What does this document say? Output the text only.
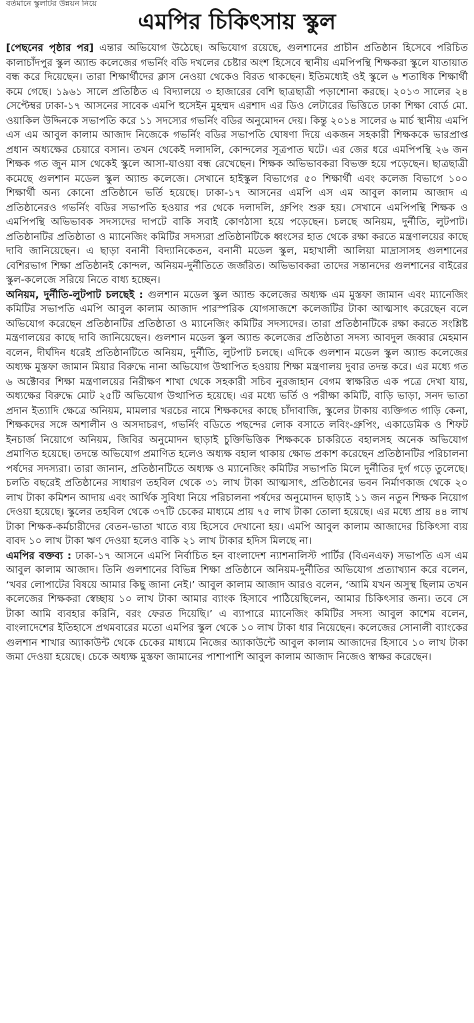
বর্তমানে স্কুলটির উন্নয়ন নিয়ে
এমপির চিকিৎসায় স্কুল

[পেছনের পৃষ্ঠার পর] এন্তার অভিযোগ উঠেছে। অভিযোগ রয়েছে, গুলশানের প্রাচীন প্রতিষ্ঠান হিসেবে পরিচিত কালাচাঁদপুর স্কুল অ্যান্ড কলেজের গভর্নিং বডি দখলের চেষ্টার অংশ হিসেবে স্থানীয় এমপিপন্থি শিক্ষকরা স্কুলে যাতায়াত বন্ধ করে দিয়েছেন। তারা শিক্ষার্থীদের ক্লাস নেওয়া থেকেও বিরত থাকছেন। ইতিমধ্যেই ওই স্কুলে ৬ শতাধিক শিক্ষার্থী কমে গেছে। ১৯৬১ সালে প্রতিষ্ঠিত এ বিদ্যালয়ে ৩ হাজারের বেশি ছাত্রছাত্রী পড়াশোনা করছে। ২০১৩ সালের ২৪ সেপ্টেম্বর ঢাকা-১৭ আসনের সাবেক এমপি হুসেইন মুহম্মদ এরশাদ এর ডিও লেটারের ভিত্তিতে ঢাকা শিক্ষা বোর্ড মো. ওয়াকিল উদ্দিনকে সভাপতি করে ১১ সদস্যের গভর্নিং বডির অনুমোদন দেয়। কিন্তু ২০১৪ সালের ৬ মার্চ স্থানীয় এমপি এস এম আবুল কালাম আজাদ নিজেকে গভর্নিং বডির সভাপতি ঘোষণা দিয়ে একজন সহকারী শিক্ষককে ভারপ্রাপ্ত প্রধান অধ্যক্ষের চেয়ারে বসান। তখন থেকেই দলাদলি, কোন্দলের সূত্রপাত ঘটে। এর জের ধরে এমপিপন্থি ২৬ জন শিক্ষক গত জুন মাস থেকেই স্কুলে আসা-যাওয়া বন্ধ রেখেছেন। শিক্ষক অভিভাবকরা বিভক্ত হয়ে পড়েছেন। ছাত্রছাত্রী কমেছে গুলশান মডেল স্কুল অ্যান্ড কলেজে। সেখানে হাইস্কুল বিভাগের ৫০ শিক্ষার্থী এবং কলেজ বিভাগে ১০০ শিক্ষার্থী অন্য কোনো প্রতিষ্ঠানে ভর্তি হয়েছে। ঢাকা-১৭ আসনের এমপি এস এম আবুল কালাম আজাদ এ প্রতিষ্ঠানেরও গভর্নিং বডির সভাপতি হওয়ার পর থেকে দলাদলি, গ্রুপিং শুরু হয়। সেখানে এমপিপন্থি শিক্ষক ও এমপিপন্থি অভিভাবক সদস্যদের দাপটে বাকি সবাই কোণঠাসা হয়ে পড়েছেন। চলছে অনিয়ম, দুর্নীতি, লুটপাট। প্রতিষ্ঠানটির প্রতিষ্ঠাতা ও ম্যানেজিং কমিটির সদস্যরা প্রতিষ্ঠানটিকে ধ্বংসের হাত থেকে রক্ষা করতে মন্ত্রণালয়ের কাছে দাবি জানিয়েছেন। এ ছাড়া বনানী বিদ্যানিকেতন, বনানী মডেল স্কুল, মহাখালী আলিয়া মাদ্রাসাসহ গুলশানের বেশিরভাগ শিক্ষা প্রতিষ্ঠানই কোন্দল, অনিয়ম-দুর্নীতিতে জর্জরিত। অভিভাবকরা তাদের সন্তানদের গুলশানের বাইরের স্কুল-কলেজে সরিয়ে নিতে বাধ্য হচ্ছেন।

অনিয়ম, দুর্নীতি-লুটপাট চলছেই : গুলশান মডেল স্কুল অ্যান্ড কলেজের অধ্যক্ষ এম মুস্তফা জামান এবং ম্যানেজিং কমিটির সভাপতি এমপি আবুল কালাম আজাদ পারস্পরিক যোগসাজশে কলেজটির টাকা আত্মসাৎ করেছেন বলে অভিযোগ করেছেন প্রতিষ্ঠানটির প্রতিষ্ঠাতা ও ম্যানেজিং কমিটির সদস্যদের। তারা প্রতিষ্ঠানটিকে রক্ষা করতে সংশ্লিষ্ট মন্ত্রণালয়ের কাছে দাবি জানিয়েছেন। গুলশান মডেল স্কুল অ্যান্ড কলেজের প্রতিষ্ঠাতা সদস্য আবদুল জব্বার মেহমান বলেন, দীর্ঘদিন ধরেই প্রতিষ্ঠানটিতে অনিয়ম, দুর্নীতি, লুটপাট চলছে। এদিকে গুলশান মডেল স্কুল অ্যান্ড কলেজের অধ্যক্ষ মুস্তফা জামান মিয়ার বিরুদ্ধে নানা অভিযোগ উত্থাপিত হওয়ায় শিক্ষা মন্ত্রণালয় দুবার তদন্ত করে। এর মধ্যে গত ৬ অক্টোবর শিক্ষা মন্ত্রণালয়ের নিরীক্ষণ শাখা থেকে সহকারী সচিব নুরজাহান বেগম স্বাক্ষরিত এক পত্রে দেখা যায়, অধ্যক্ষের বিরুদ্ধে মোট ২৫টি অভিযোগ উত্থাপিত হয়েছে। এর মধ্যে ভর্তি ও পরীক্ষা কমিটি, বাড়ি ভাড়া, সনদ ভাতা প্রদান ইত্যাদি ক্ষেত্রে অনিয়ম, মামলার খরচের নামে শিক্ষকদের কাছে চাঁদাবাজি, স্কুলের টাকায় ব্যক্তিগত গাড়ি কেনা, শিক্ষকদের সঙ্গে অশালীন ও অসদাচরণ, গভর্নিং বডিতে পছন্দের লোক বসাতে লবিং-গ্রুপিং, একাডেমিক ও শিফট ইনচার্জ নিয়োগে অনিয়ম, জিবির অনুমোদন ছাড়াই চুক্তিভিত্তিক শিক্ষককে চাকরিতে বহালসহ অনেক অভিযোগ প্রমাণিত হয়েছে। তদন্তে অভিযোগ প্রমাণিত হলেও অধ্যক্ষ বহাল থাকায় ক্ষোভ প্রকাশ করেছেন প্রতিষ্ঠানটির পরিচালনা পর্ষদের সদস্যরা। তারা জানান, প্রতিষ্ঠানটিতে অধ্যক্ষ ও ম্যানেজিং কমিটির সভাপতি মিলে দুর্নীতির দুর্গ গড়ে তুলেছে। চলতি বছরেই প্রতিষ্ঠানের সাধারণ তহবিল থেকে ৩১ লাখ টাকা আত্মসাৎ, প্রতিষ্ঠানের ভবন নির্মাণকাজ থেকে ২০ লাখ টাকা কমিশন আদায় এবং আর্থিক সুবিধা নিয়ে পরিচালনা পর্ষদের অনুমোদন ছাড়াই ১১ জন নতুন শিক্ষক নিয়োগ দেওয়া হয়েছে। স্কুলের তহবিল থেকে ৩৭টি চেকের মাধ্যমে প্রায় ৭৫ লাখ টাকা তোলা হয়েছে। এর মধ্যে প্রায় ৪৪ লাখ টাকা শিক্ষক-কর্মচারীদের বেতন-ভাতা খাতে ব্যয় হিসেবে দেখানো হয়। এমপি আবুল কালাম আজাদের চিকিৎসা ব্যয় বাবদ ১০ লাখ টাকা ঋণ দেওয়া হলেও বাকি ২১ লাখ টাকার হদিস মিলছে না।

এমপির বক্তব্য : ঢাকা-১৭ আসনে এমপি নির্বাচিত হন বাংলাদেশ ন্যাশনালিস্ট পার্টির (বিএনএফ) সভাপতি এস এম আবুল কালাম আজাদ। তিনি গুলশানের বিভিন্ন শিক্ষা প্রতিষ্ঠানে অনিয়ম-দুর্নীতির অভিযোগ প্রত্যাখ্যান করে বলেন, ‘খবর লোপাটের বিষয়ে আমার কিছু জানা নেই।’ আবুল কালাম আজাদ আরও বলেন, ‘আমি যখন অসুস্থ ছিলাম তখন কলেজের শিক্ষকরা স্বেচ্ছায় ১০ লাখ টাকা আমার ব্যাংক হিসাবে পাঠিয়েছিলেন, আমার চিকিৎসার জন্য। তবে সে টাকা আমি ব্যবহার করিনি, বরং ফেরত দিয়েছি।’ এ ব্যাপারে ম্যানেজিং কমিটির সদস্য আবুল কাশেম বলেন, বাংলাদেশের ইতিহাসে প্রথমবারের মতো এমপির স্কুল থেকে ১০ লাখ টাকা ধার নিয়েছেন। কলেজের সোনালী ব্যাংকের গুলশান শাখার অ্যাকাউন্ট থেকে চেকের মাধ্যমে নিজের অ্যাকাউন্টে আবুল কালাম আজাদের হিসাবে ১০ লাখ টাকা জমা দেওয়া হয়েছে। চেকে অধ্যক্ষ মুস্তফা জামানের পাশাপাশি আবুল কালাম আজাদ নিজেও স্বাক্ষর করেছেন।
